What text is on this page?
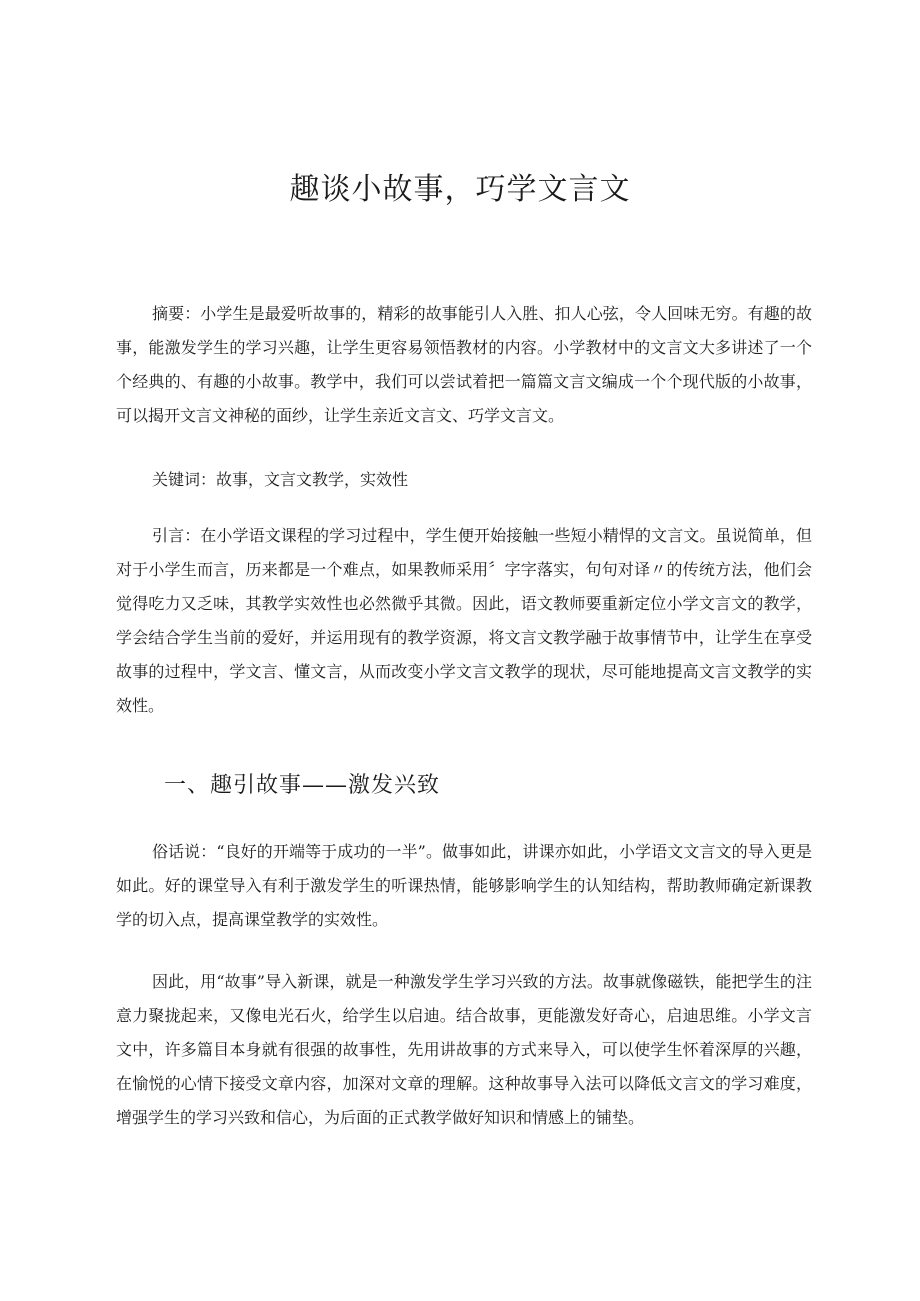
趣谈小故事，巧学文言文

摘要：小学生是最爱听故事的，精彩的故事能引人入胜、扣人心弦，令人回味无穷。有趣的故事，能激发学生的学习兴趣，让学生更容易领悟教材的内容。小学教材中的文言文大多讲述了一个个经典的、有趣的小故事。教学中，我们可以尝试着把一篇篇文言文编成一个个现代版的小故事，可以揭开文言文神秘的面纱，让学生亲近文言文、巧学文言文。

关键词：故事，文言文教学，实效性

引言：在小学语文课程的学习过程中，学生便开始接触一些短小精悍的文言文。虽说简单，但对于小学生而言，历来都是一个难点，如果教师采用〞字字落实，句句对译〃的传统方法，他们会觉得吃力又乏味，其教学实效性也必然微乎其微。因此，语文教师要重新定位小学文言文的教学，学会结合学生当前的爱好，并运用现有的教学资源，将文言文教学融于故事情节中，让学生在享受故事的过程中，学文言、懂文言，从而改变小学文言文教学的现状，尽可能地提高文言文教学的实效性。

一、趣引故事——激发兴致

俗话说：“良好的开端等于成功的一半”。做事如此，讲课亦如此，小学语文文言文的导入更是如此。好的课堂导入有利于激发学生的听课热情，能够影响学生的认知结构，帮助教师确定新课教学的切入点，提高课堂教学的实效性。

因此，用“故事”导入新课，就是一种激发学生学习兴致的方法。故事就像磁铁，能把学生的注意力聚拢起来，又像电光石火，给学生以启迪。结合故事，更能激发好奇心，启迪思维。小学文言文中，许多篇目本身就有很强的故事性，先用讲故事的方式来导入，可以使学生怀着深厚的兴趣，在愉悦的心情下接受文章内容，加深对文章的理解。这种故事导入法可以降低文言文的学习难度，增强学生的学习兴致和信心，为后面的正式教学做好知识和情感上的铺垫。
